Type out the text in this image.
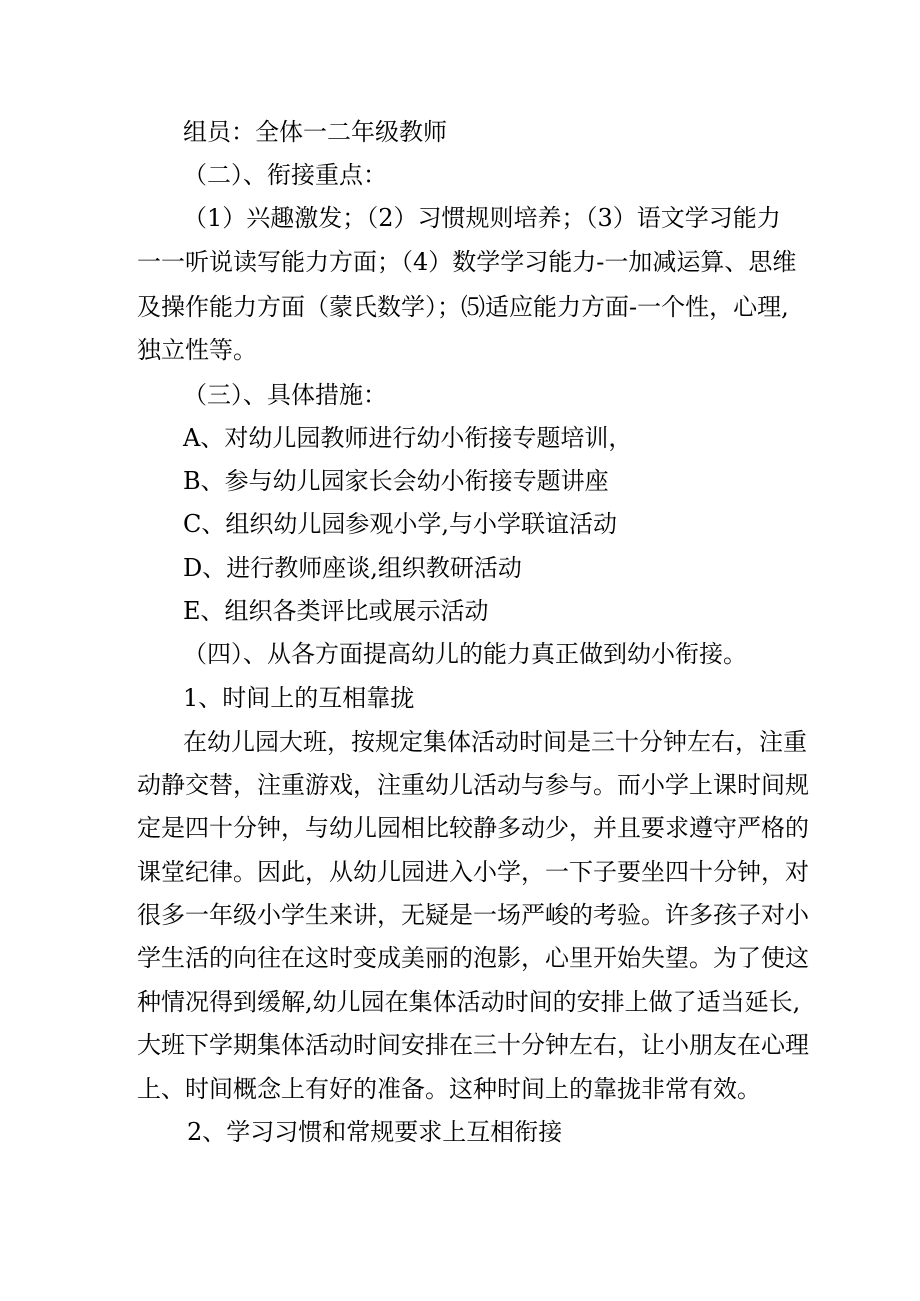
组员：全体一二年级教师
（二）、衔接重点：
（1）兴趣激发；（2）习惯规则培养；（3）语文学习能力
一一听说读写能力方面；（4）数学学习能力-一加减运算、思维
及操作能力方面（蒙氏数学）；⑸适应能力方面-一个性，心理,
独立性等。
（三）、具体措施：
A、对幼儿园教师进行幼小衔接专题培训，
B、参与幼儿园家长会幼小衔接专题讲座
C、组织幼儿园参观小学,与小学联谊活动
D、进行教师座谈,组织教研活动
E、组织各类评比或展示活动
（四）、从各方面提高幼儿的能力真正做到幼小衔接。
1、时间上的互相靠拢
在幼儿园大班，按规定集体活动时间是三十分钟左右，注重
动静交替，注重游戏，注重幼儿活动与参与。而小学上课时间规
定是四十分钟，与幼儿园相比较静多动少，并且要求遵守严格的
课堂纪律。因此，从幼儿园进入小学，一下子要坐四十分钟，对
很多一年级小学生来讲，无疑是一场严峻的考验。许多孩子对小
学生活的向往在这时变成美丽的泡影，心里开始失望。为了使这
种情况得到缓解,幼儿园在集体活动时间的安排上做了适当延长,
大班下学期集体活动时间安排在三十分钟左右，让小朋友在心理
上、时间概念上有好的准备。这种时间上的靠拢非常有效。
2、学习习惯和常规要求上互相衔接
